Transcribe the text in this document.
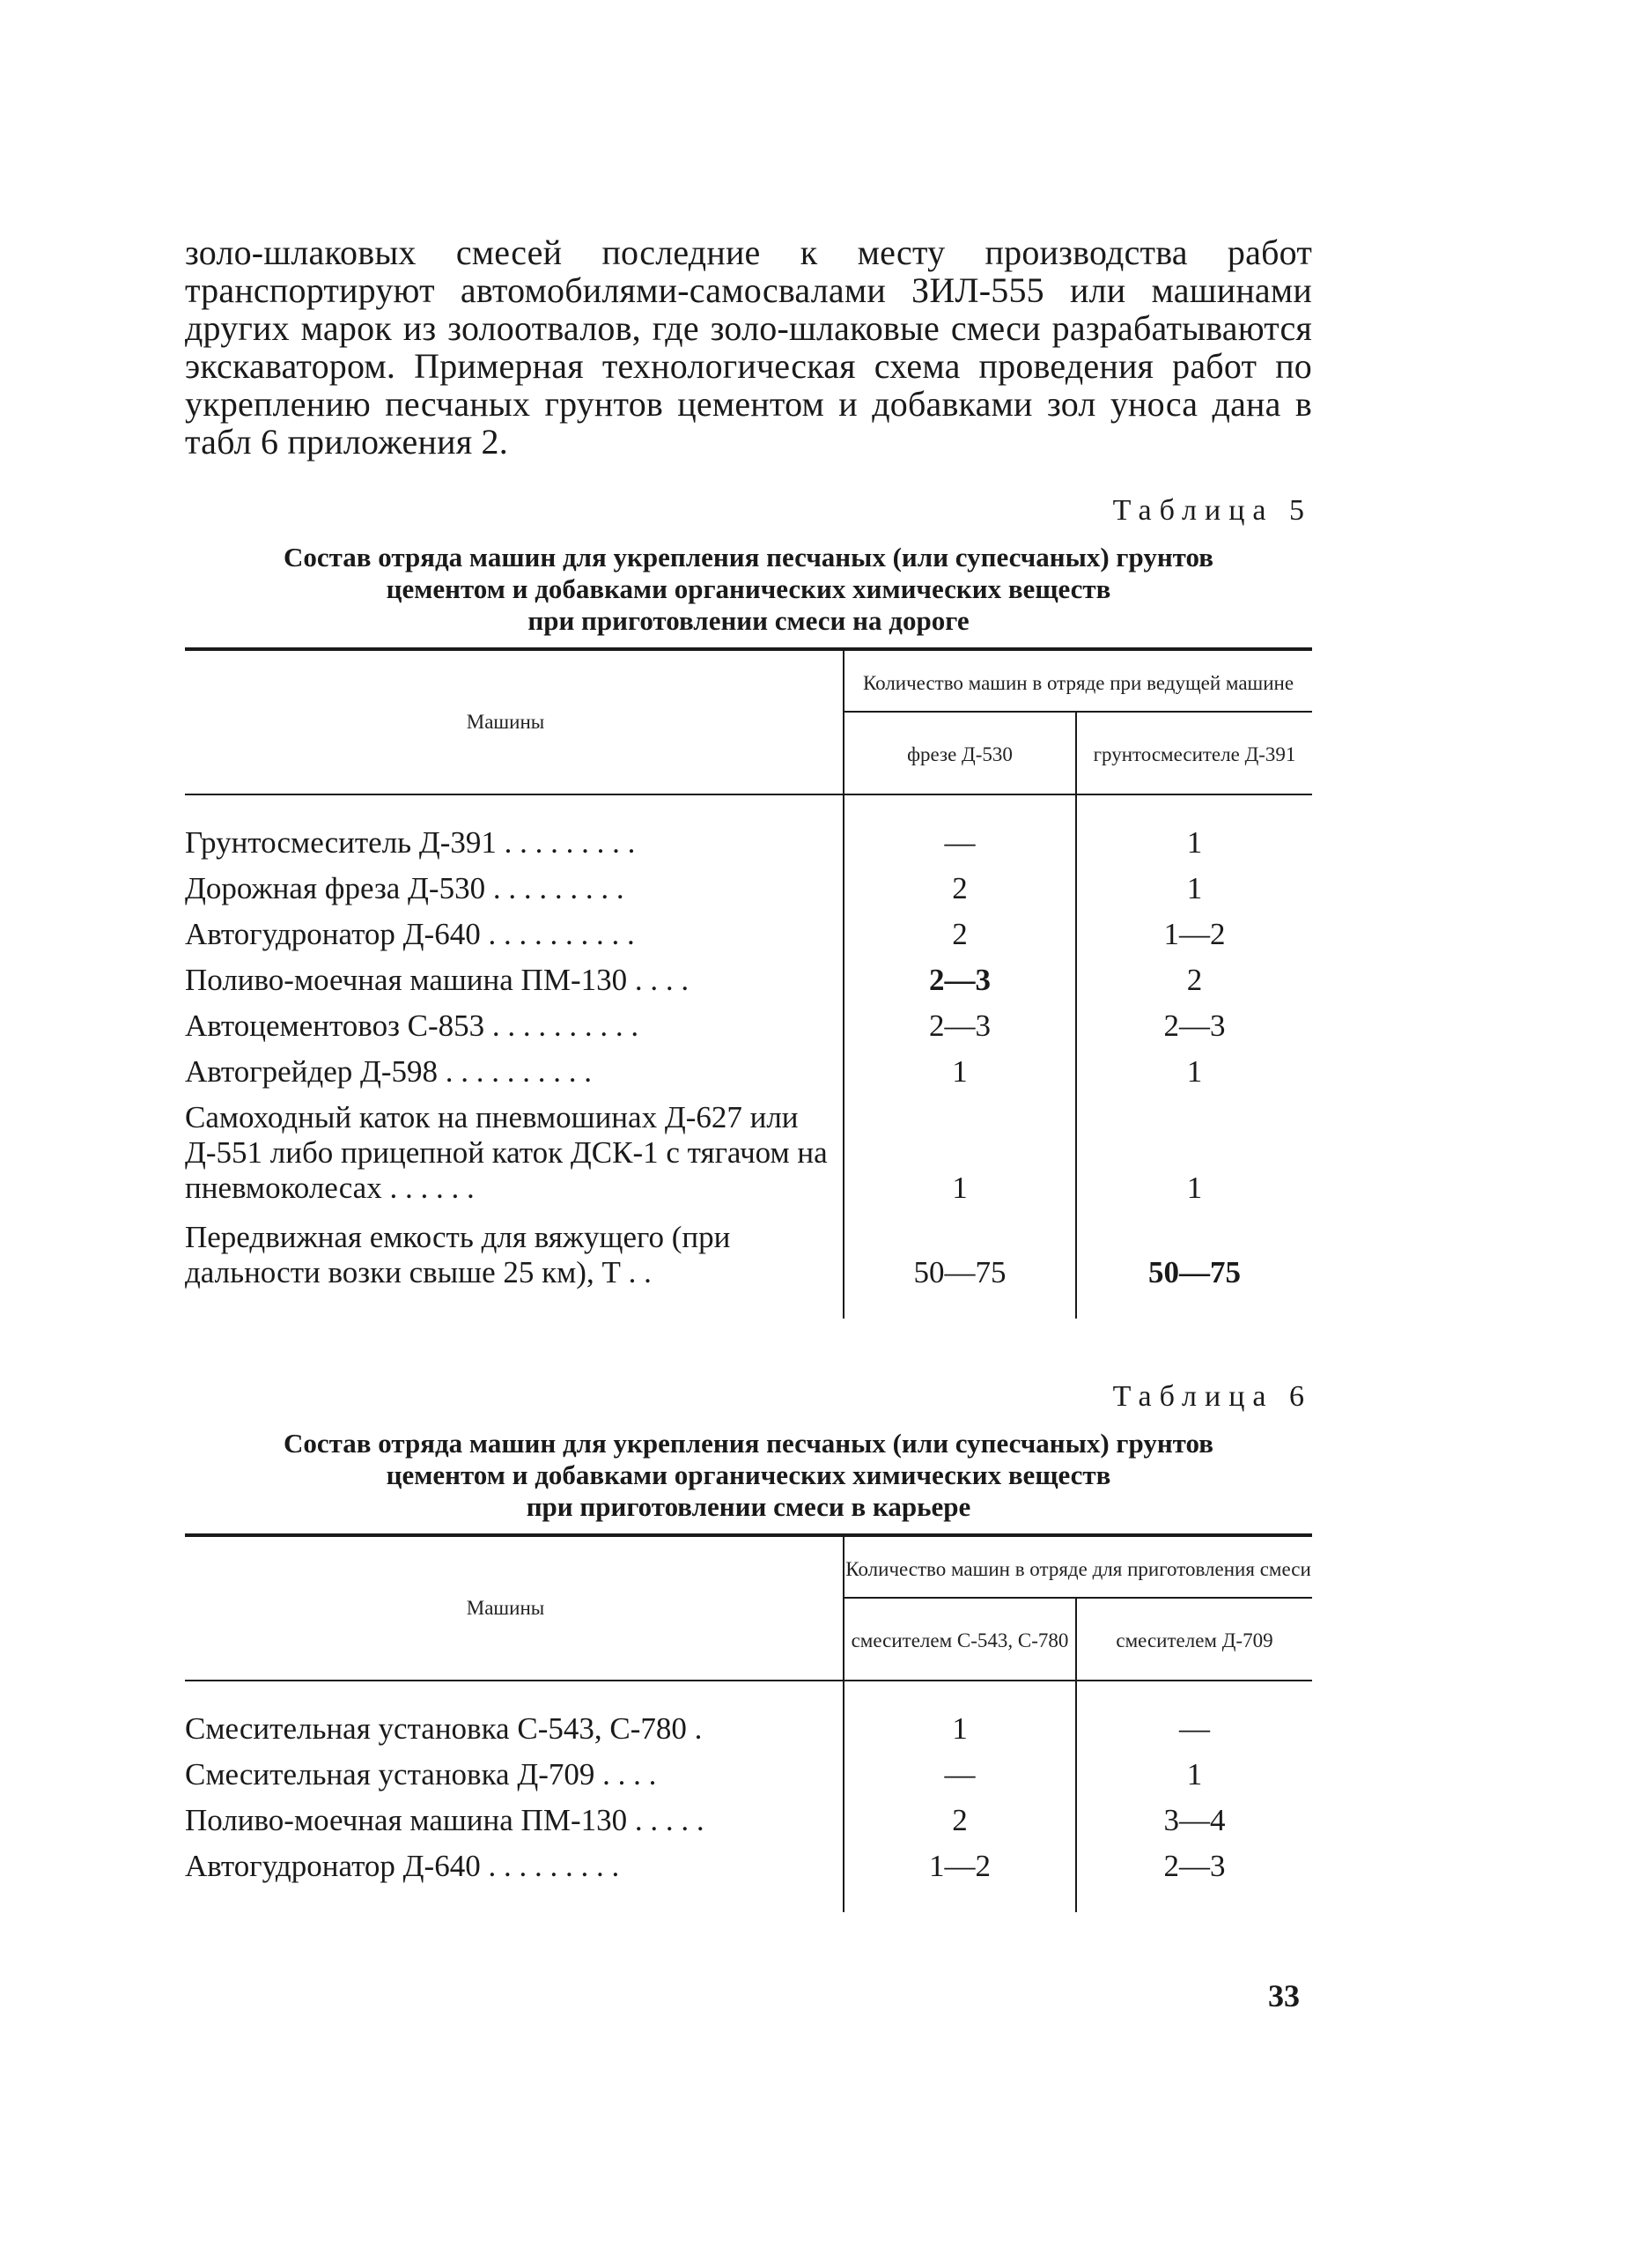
золо-шлаковых смесей последние к месту производства работ транспортируют автомобилями-самосвалами ЗИЛ-555 или машинами других марок из золоотвалов, где золо-шлаковые смеси разрабатываются экскаватором. Примерная технологическая схема проведения работ по укреплению песчаных грунтов цементом и добавками зол уноса дана в табл 6 приложения 2.

Таблица 5
Состав отряда машин для укрепления песчаных (или супесчаных) грунтов
цементом и добавками органических химических веществ
при приготовлении смеси на дороге
Машины	Количество машин в отряде при ведущей машине	
	фрезе Д-530	грунтосмесителе Д-391

Грунтосмеситель Д-391 . . . . . . . . .	—	1
Дорожная фреза Д-530 . . . . . . . . .	2	1
Автогудронатор Д-640 . . . . . . . . . .	2	1—2
Поливо-моечная машина ПМ-130 . . . .	2—3	2
Автоцементовоз С-853 . . . . . . . . . .	2—3	2—3
Автогрейдер Д-598 . . . . . . . . . .	1	1
Самоходный каток на пневмошинах Д-627 или Д-551 либо прицепной каток ДСК-1 с тягачом на пневмоколесах . . . . . .	1	1
Передвижная емкость для вяжущего (при дальности возки свыше 25 км), Т . .	50—75	50—75

Таблица 6
Состав отряда машин для укрепления песчаных (или супесчаных) грунтов
цементом и добавками органических химических веществ
при приготовлении смеси в карьере
Машины	Количество машин в отряде для приготовления смеси	
	смесителем С-543, С-780	смесителем Д-709

Смесительная установка С-543, С-780 .	1	—
Смесительная установка Д-709 . . . .	—	1
Поливо-моечная машина ПМ-130 . . . . .	2	3—4
Автогудронатор Д-640 . . . . . . . . .	1—2	2—3

33
